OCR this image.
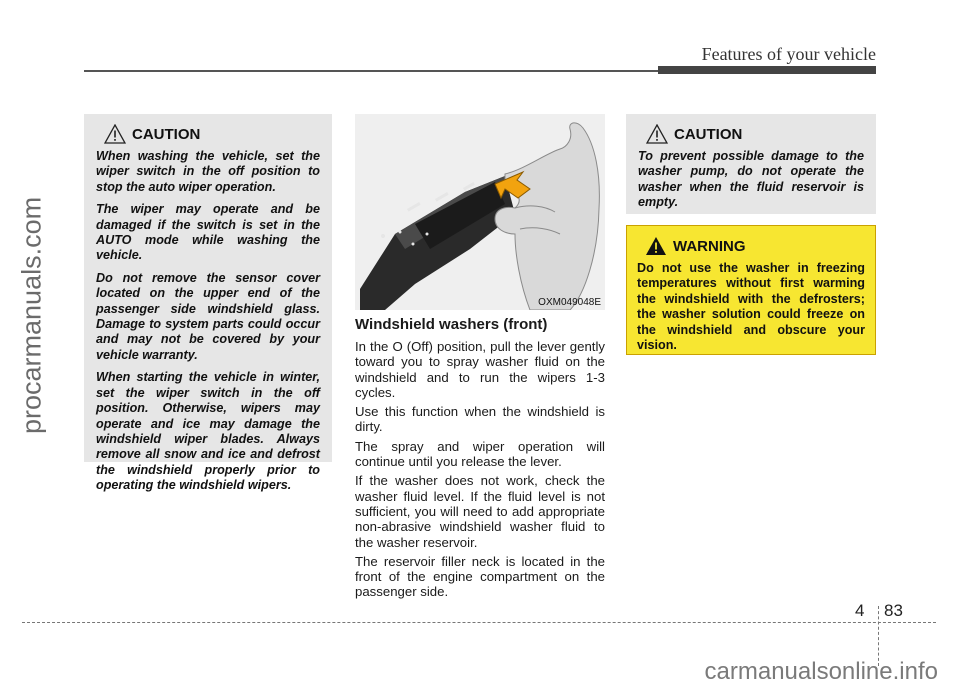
Features of your vehicle
procarmanuals.com
CAUTION

When washing the vehicle, set the wiper switch in the off position to stop the auto wiper operation.

The wiper may operate and be damaged if the switch is set in the AUTO mode while washing the vehicle.

Do not remove the sensor cover located on the upper end of the passenger side windshield glass. Damage to system parts could occur and may not be covered by your vehicle warranty.

When starting the vehicle in winter, set the wiper switch in the off position. Otherwise, wipers may operate and ice may damage the windshield wiper blades. Always remove all snow and ice and defrost the windshield properly prior to operating the windshield wipers.

OXM049048E
Windshield washers (front)

In the O (Off) position, pull the lever gently toward you to spray washer fluid on the windshield and to run the wipers 1-3 cycles.

Use this function when the windshield is dirty.

The spray and wiper operation will continue until you release the lever.

If the washer does not work, check the washer fluid level. If the fluid level is not sufficient, you will need to add appropriate non-abrasive windshield washer fluid to the washer reservoir.

The reservoir filler neck is located in the front of the engine compartment on the passenger side.

CAUTION

To prevent possible damage to the washer pump, do not operate the washer when the fluid reservoir is empty.

WARNING

Do not use the washer in freezing temperatures without first warming the windshield with the defrosters; the washer solution could freeze on the windshield and obscure your vision.

4 83
carmanualsonline.info
